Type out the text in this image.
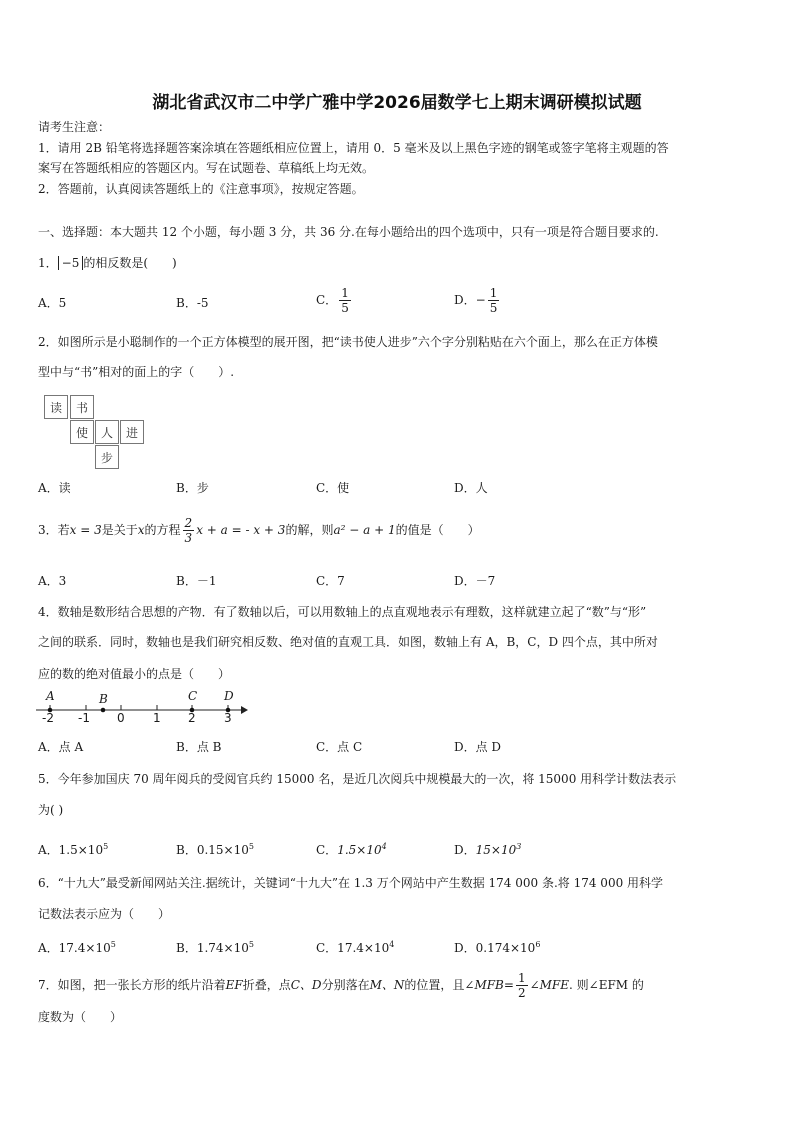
湖北省武汉市二中学广雅中学2026届数学七上期末调研模拟试题
请考生注意：
1．请用 2B 铅笔将选择题答案涂填在答题纸相应位置上，请用 0．5 毫米及以上黑色字迹的钢笔或签字笔将主观题的答
案写在答题纸相应的答题区内。写在试题卷、草稿纸上均无效。
2．答题前，认真阅读答题纸上的《注意事项》，按规定答题。
一、选择题：本大题共 12 个小题，每小题 3 分，共 36 分.在每小题给出的四个选项中，只有一项是符合题目要求的.
1． −5 的相反数是(　　)
A．5	B．-5	C． $\frac{1}{5}$	D．− $\frac{1}{5}$
2．如图所示是小聪制作的一个正方体模型的展开图，把“读书使人进步”六个字分别粘贴在六个面上，那么在正方体模
型中与“书”相对的面上的字（　　）.
读	书
使	人	进
步
A．读	B．步	C．使	D．人
3．若x = 3是关于x的方程 $\frac{2}{3}$ x + a = - x + 3的解，则a² − a + 1的值是（　　）
A．3	B．－1	C．7	D．－7
4．数轴是数形结合思想的产物．有了数轴以后，可以用数轴上的点直观地表示有理数，这样就建立起了“数”与“形”
之间的联系．同时，数轴也是我们研究相反数、绝对值的直观工具．如图，数轴上有 A，B，C，D 四个点，其中所对
应的数的绝对值最小的点是（　　）
A	B	C D
-2 -1 0 1 2 3
A．点 A	B．点 B	C．点 C	D．点 D
5．今年参加国庆 70 周年阅兵的受阅官兵约 15000 名，是近几次阅兵中规模最大的一次，将 15000 用科学计数法表示
为( )
A．$1.5\times 10^5$	B．$0.15\times 10^5$	C．$1.5\times 10^4$	D．$15\times 10^3$
6．“十九大”最受新闻网站关注.据统计，关键词“十九大”在 1.3 万个网站中产生数据 174 000 条.将 174 000 用科学
记数法表示应为（　　）
A．$17.4\times 10^5$	B．$1.74\times 10^5$	C．$17.4\times 10^4$	D．$0.174\times 10^6$
7．如图，把一张长方形的纸片沿着EF折叠，点C、D分别落在M、N的位置，且∠MFB= $\frac{1}{2}$ ∠MFE. 则∠EFM 的
度数为（　　）
